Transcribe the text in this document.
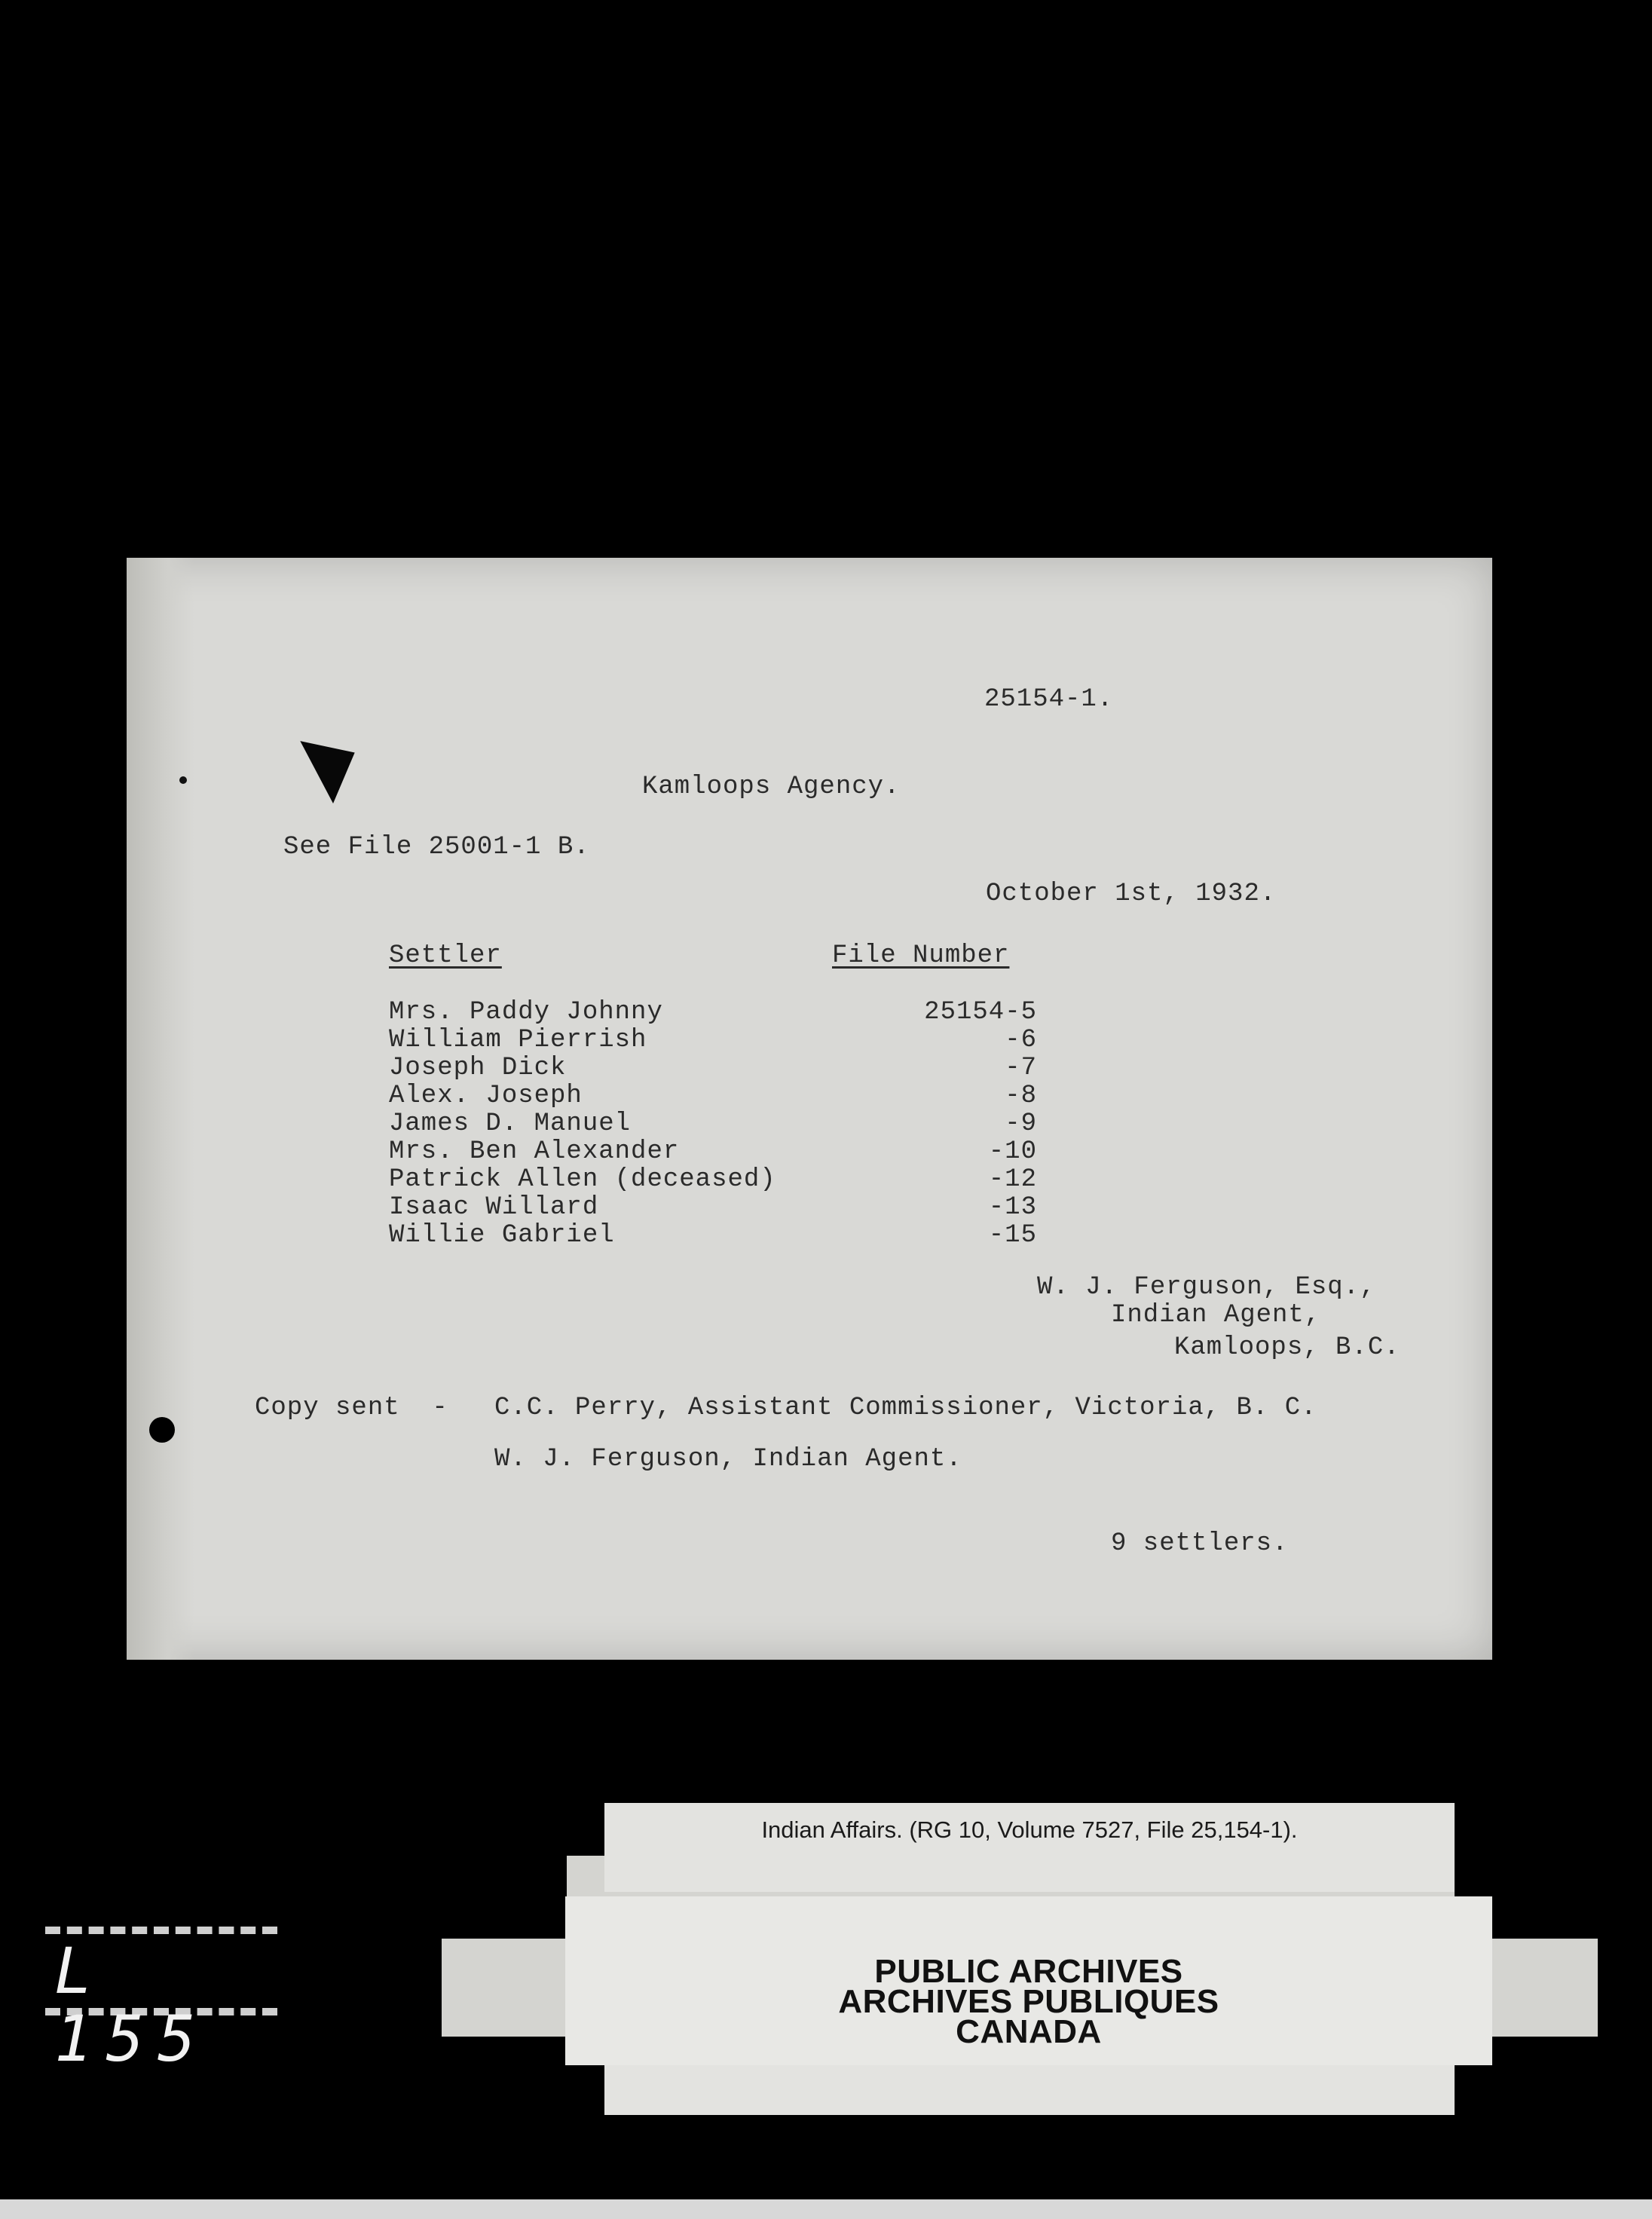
25154-1.
Kamloops Agency.
See File 25001-1 B.
October 1st, 1932.
Settler	File Number
Mrs. Paddy Johnny	25154-5
William Pierrish	-6
Joseph Dick	-7
Alex. Joseph	-8
James D. Manuel	-9
Mrs. Ben Alexander	-10
Patrick Allen (deceased)	-12
Isaac Willard	-13
Willie Gabriel	-15
W. J. Ferguson, Esq.,
Indian Agent,
Kamloops, B.C.
Copy sent  - C.C. Perry, Assistant Commissioner, Victoria, B. C.
W. J. Ferguson, Indian Agent.
9 settlers.
Indian Affairs. (RG 10, Volume 7527, File 25,154-1).
PUBLIC ARCHIVES
ARCHIVES PUBLIQUES
CANADA
L 155
